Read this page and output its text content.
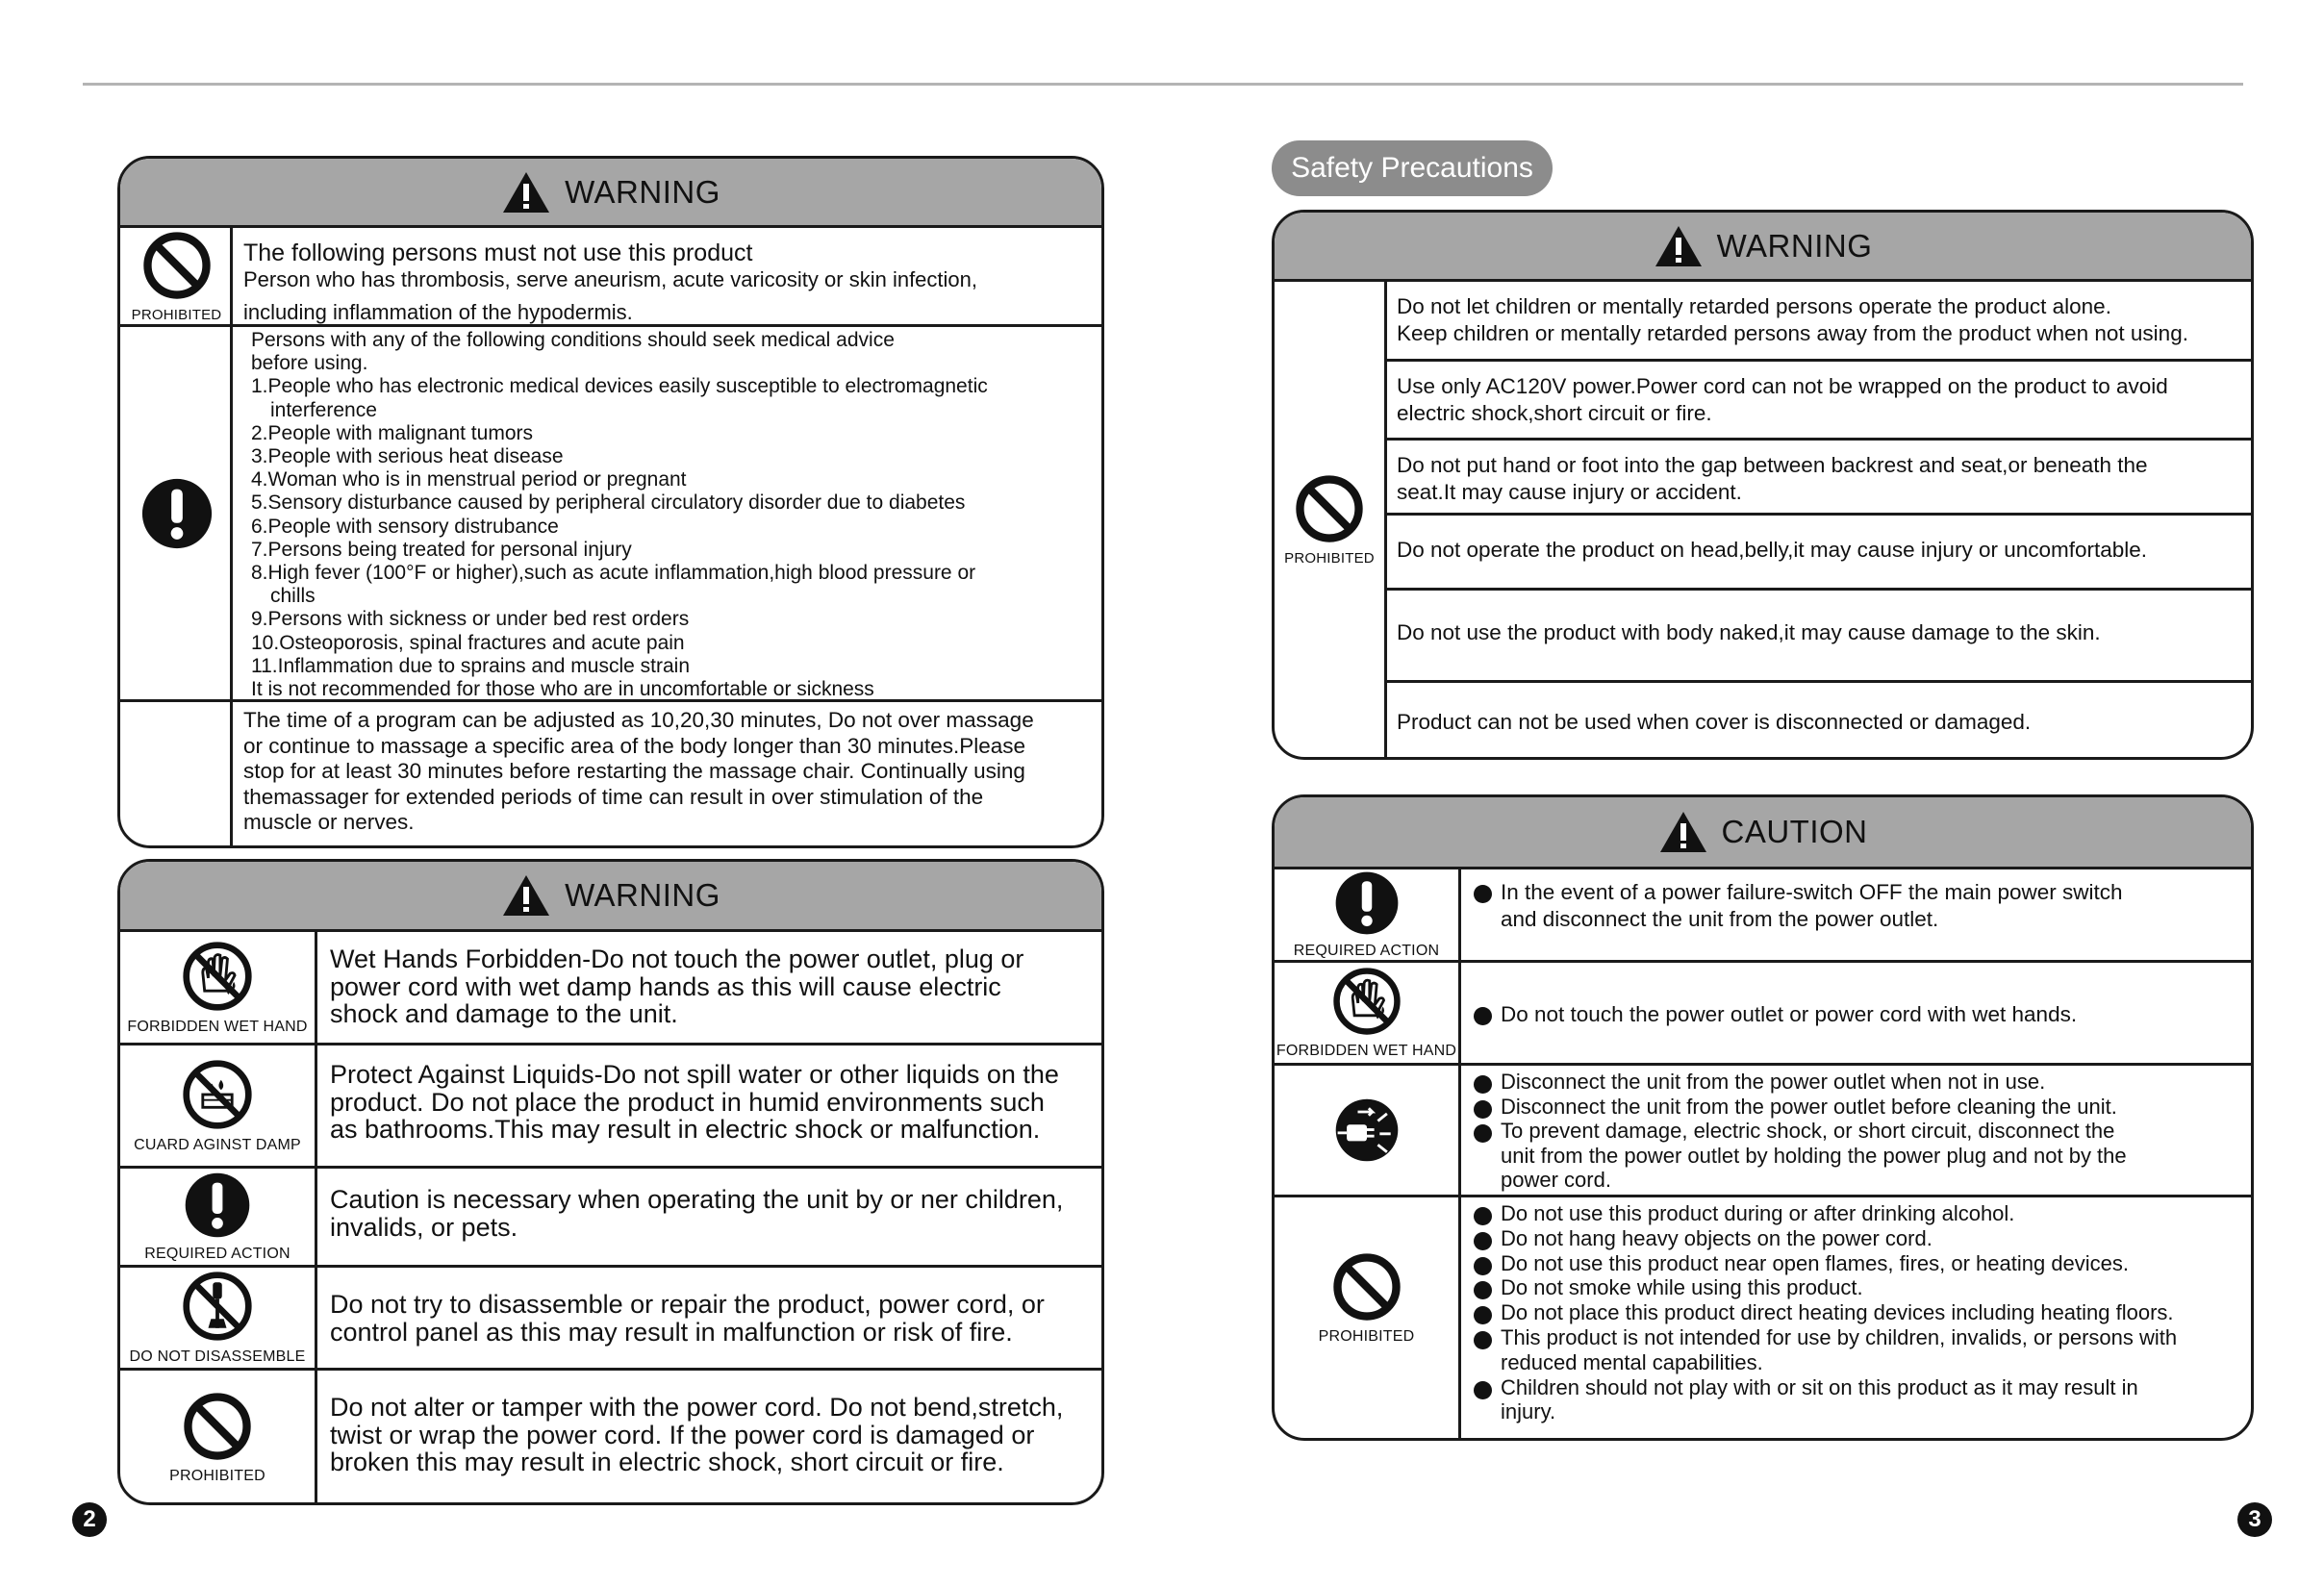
WARNING
PROHIBITED
The following persons must not use this product
Person who has thrombosis, serve aneurism, acute varicosity or skin infection,
including inflammation of the hypodermis.
Persons with any of the following conditions should seek medical advice
before using.
1.People who has electronic medical devices easily susceptible to electromagnetic
interference
2.People with malignant tumors
3.People with serious heat disease
4.Woman who is in menstrual period or pregnant
5.Sensory disturbance caused by peripheral circulatory disorder due to diabetes
6.People with sensory distrubance
7.Persons being treated for personal injury
8.High fever (100°F or higher),such as acute inflammation,high blood pressure or
chills
9.Persons with sickness or under bed rest orders
10.Osteoporosis, spinal fractures and acute pain
11.Inflammation due to sprains and muscle strain
It is not recommended for those who are in uncomfortable or sickness
The time of a program can be adjusted as 10,20,30 minutes, Do not over massage
or continue to massage a specific area of the body longer than 30 minutes.Please
stop for at least 30 minutes before restarting the massage chair. Continually using
themassager for extended periods of time can result in over stimulation of the
muscle or nerves.
WARNING
FORBIDDEN WET HAND
Wet Hands Forbidden-Do not touch the power outlet, plug or
power cord with wet damp hands as this will cause electric
shock and damage to the unit.
CUARD AGINST DAMP
Protect Against Liquids-Do not spill water or other liquids on the
product. Do not place the product in humid environments such
as bathrooms.This may result in electric shock or malfunction.
REQUIRED ACTION
Caution is necessary when operating the unit by or ner children,
invalids, or pets.
DO NOT DISASSEMBLE
Do not try to disassemble or repair the product, power cord, or
control panel as this may result in malfunction or risk of fire.
PROHIBITED
Do not alter or tamper with the power cord. Do not bend,stretch,
twist or wrap the power cord. If the power cord is damaged or
broken this may result in electric shock, short circuit or fire.
2
Safety Precautions
WARNING
PROHIBITED
Do not let children or mentally retarded persons operate the product alone.
Keep children or mentally retarded persons away from the product when not using.
Use only AC120V power.Power cord can not be wrapped on the product to avoid
electric shock,short circuit or fire.
Do not put hand or foot into the gap between backrest and seat,or beneath the
seat.It may cause injury or accident.
Do not operate the product on head,belly,it may cause injury or uncomfortable.
Do not use the product with body naked,it may cause damage to the skin.
Product can not be used when cover is disconnected or damaged.
CAUTION
REQUIRED ACTION
In the event of a power failure-switch OFF the main power switch
and disconnect the unit from the power outlet.
FORBIDDEN WET HAND
Do not touch the power outlet or power cord with wet hands.
Disconnect the unit from the power outlet when not in use.
Disconnect the unit from the power outlet before cleaning the unit.
To prevent damage, electric shock, or short circuit, disconnect the
unit from the power outlet by holding the power plug and not by the
power cord.
PROHIBITED
Do not use this product during or after drinking alcohol.
Do not hang heavy objects on the power cord.
Do not use this product near open flames, fires, or heating devices.
Do not smoke while using this product.
Do not place this product direct heating devices including heating floors.
This product is not intended for use by children, invalids, or persons with
reduced mental capabilities.
Children should not play with or sit on this product as it may result in
injury.
3
